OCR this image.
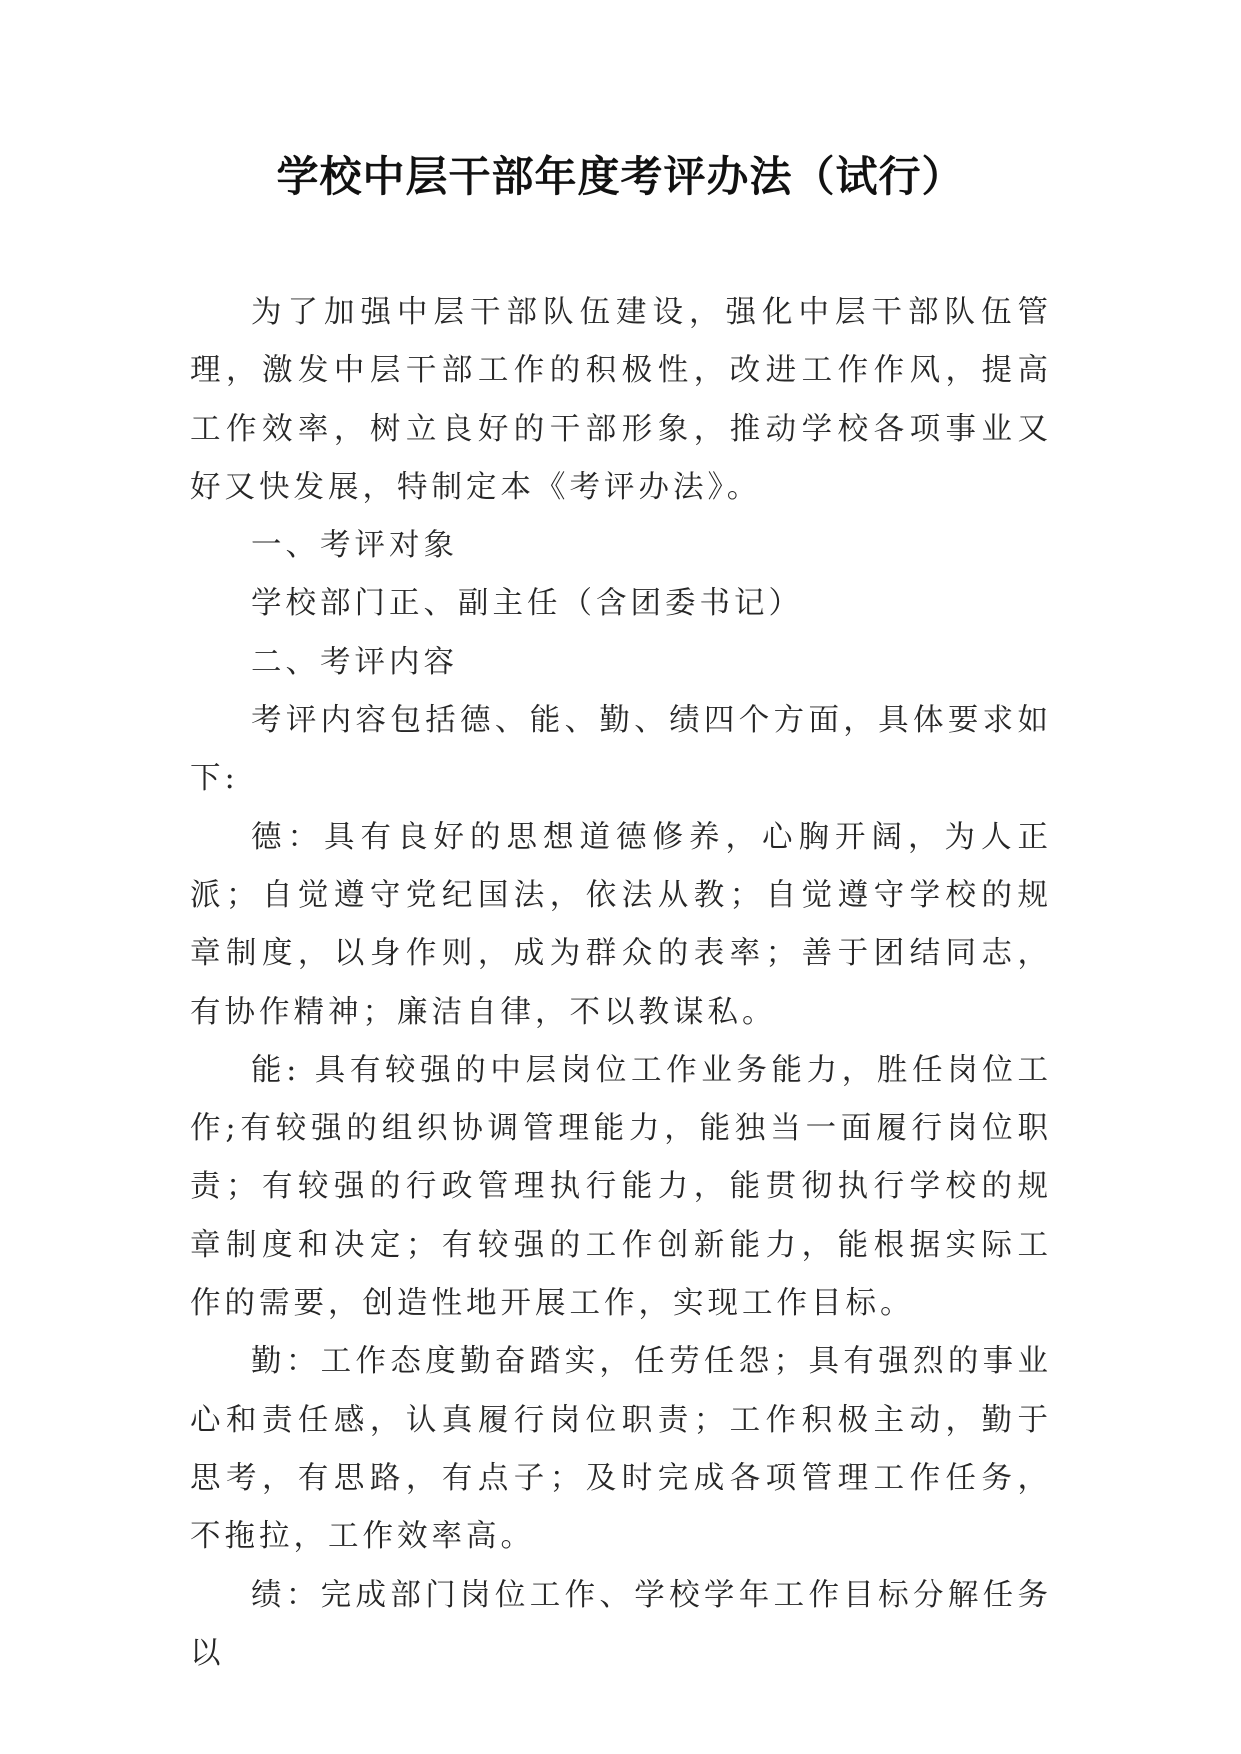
学校中层干部年度考评办法（试行）

为了加强中层干部队伍建设，强化中层干部队伍管理，激发中层干部工作的积极性，改进工作作风，提高工作效率，树立良好的干部形象，推动学校各项事业又好又快发展，特制定本《考评办法》。

一、考评对象

学校部门正、副主任（含团委书记）

二、考评内容

考评内容包括德、能、勤、绩四个方面，具体要求如下:

德：具有良好的思想道德修养，心胸开阔，为人正派；自觉遵守党纪国法，依法从教；自觉遵守学校的规章制度，以身作则，成为群众的表率；善于团结同志，有协作精神；廉洁自律，不以教谋私。

能: 具有较强的中层岗位工作业务能力，胜任岗位工作;有较强的组织协调管理能力，能独当一面履行岗位职责；有较强的行政管理执行能力，能贯彻执行学校的规章制度和决定；有较强的工作创新能力，能根据实际工作的需要，创造性地开展工作，实现工作目标。

勤：工作态度勤奋踏实，任劳任怨；具有强烈的事业心和责任感，认真履行岗位职责；工作积极主动，勤于思考，有思路，有点子；及时完成各项管理工作任务，不拖拉，工作效率高。

绩：完成部门岗位工作、学校学年工作目标分解任务以
